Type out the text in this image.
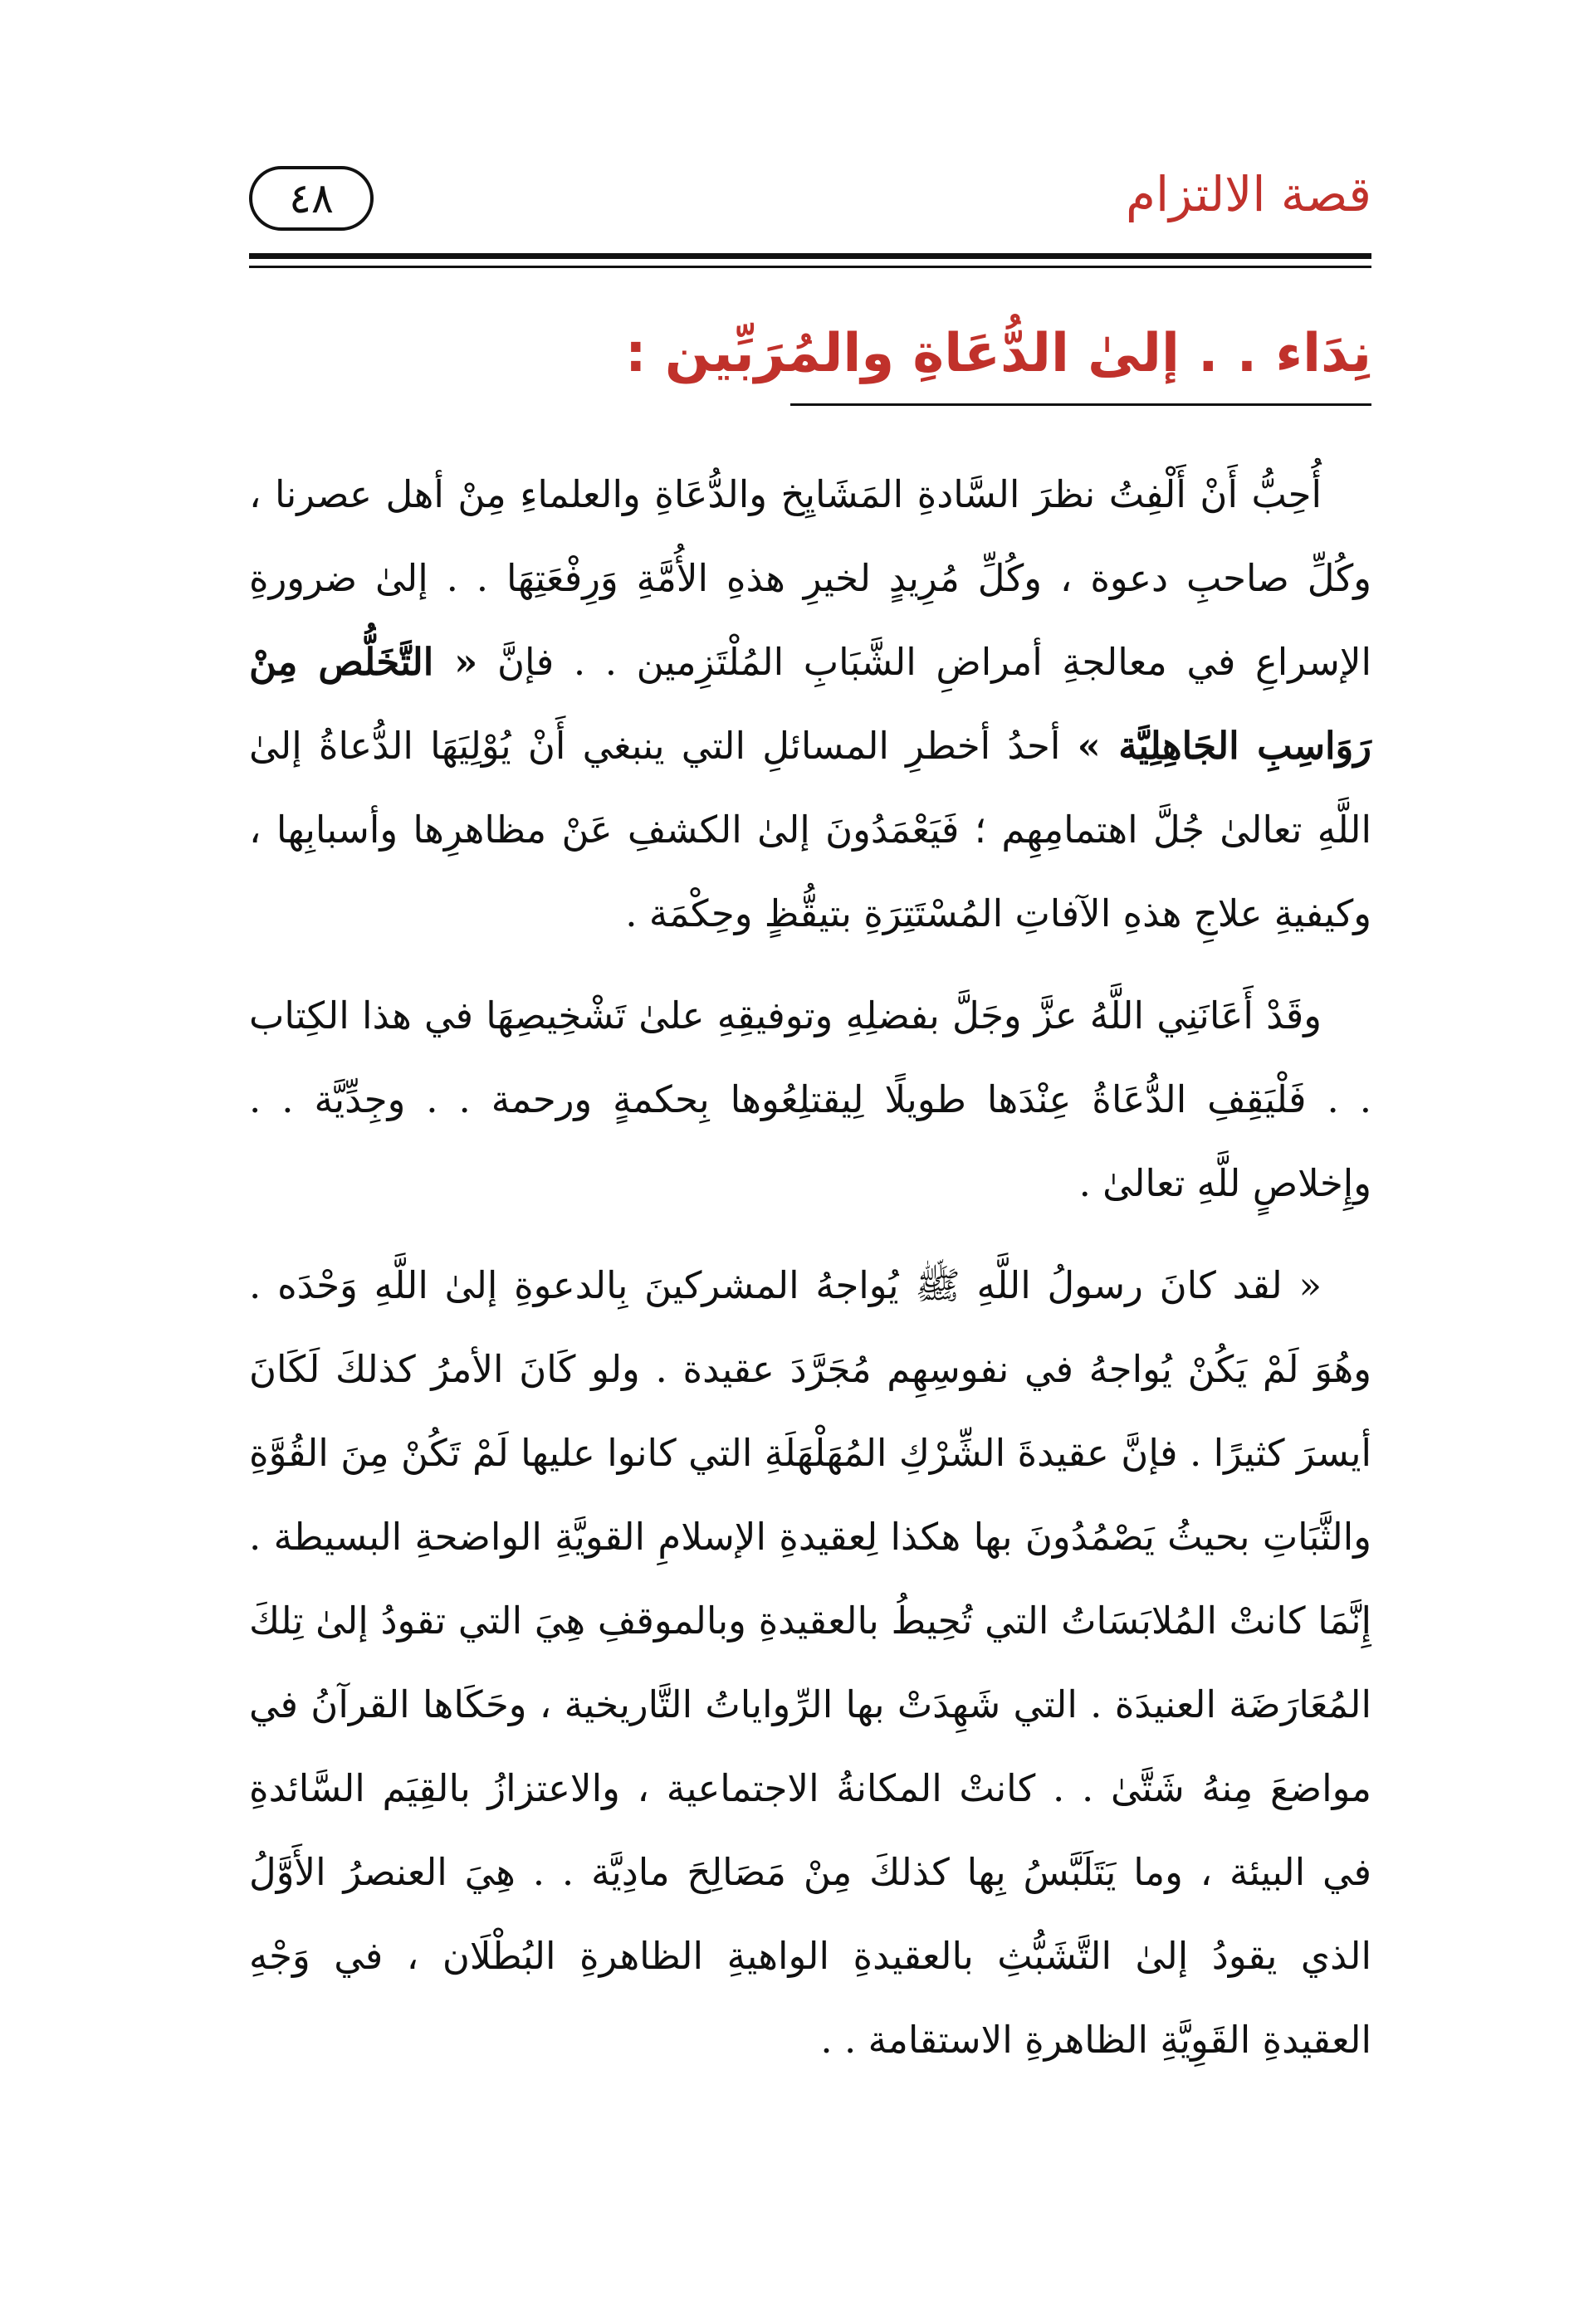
٤٨	قصة الالتزام
نِدَاء . . إلىٰ الدُّعَاةِ والمُرَبِّين :

أُحِبُّ أَنْ أَلْفِتُ نظرَ السَّادةِ المَشَايِخ والدُّعَاةِ والعلماءِ مِنْ أهل عصرنا ، وكُلِّ صاحبِ دعوة ، وكُلِّ مُرِيدٍ لخيرِ هذهِ الأُمَّةِ وَرِفْعَتِهَا . . إلىٰ ضرورةِ الإسراعِ في معالجةِ أمراضِ الشَّبَابِ المُلْتَزِمين . . فإنَّ « التَّخَلُّص مِنْ رَوَاسِبِ الجَاهِلِيَّة » أحدُ أخطرِ المسائلِ التي ينبغي أَنْ يُوْلِيَهَا الدُّعاةُ إلىٰ اللَّهِ تعالىٰ جُلَّ اهتمامِهِم ؛ فَيَعْمَدُونَ إلىٰ الكشفِ عَنْ مظاهرِها وأسبابِها ، وكيفيةِ علاجِ هذهِ الآفاتِ المُسْتَتِرَةِ بتيقُّظٍ وحِكْمَة .

وقَدْ أَعَانَنِي اللَّهُ عزَّ وجَلَّ بفضلِهِ وتوفيقِهِ علىٰ تَشْخِيصِهَا في هذا الكِتاب . . فَلْيَقِفِ الدُّعَاةُ عِنْدَها طويلًا لِيقتلِعُوها بِحكمةٍ ورحمة . . وجِدِّيَّة . . وإِخلاصٍ للَّهِ تعالىٰ .

« لقد كانَ رسولُ اللَّهِ ﷺ يُواجهُ المشركينَ بِالدعوةِ إلىٰ اللَّهِ وَحْدَه . وهُوَ لَمْ يَكُنْ يُواجهُ في نفوسِهِم مُجَرَّدَ عقيدة . ولو كَانَ الأمرُ كذلكَ لَكَانَ أيسرَ كثيرًا . فإنَّ عقيدةَ الشِّرْكِ المُهَلْهَلَةِ التي كانوا عليها لَمْ تَكُنْ مِنَ القُوَّةِ والثَّبَاتِ بحيثُ يَصْمُدُونَ بها هكذا لِعقيدةِ الإسلامِ القويَّةِ الواضحةِ البسيطة . إِنَّمَا كانتْ المُلابَسَاتُ التي تُحِيطُ بالعقيدةِ وبالموقفِ هِيَ التي تقودُ إلىٰ تِلكَ المُعَارَضَة العنيدَة . التي شَهِدَتْ بها الرِّواياتُ التَّاريخية ، وحَكَاها القرآنُ في مواضعَ مِنهُ شَتَّىٰ . . كانتْ المكانةُ الاجتماعية ، والاعتزازُ بالقِيَم السَّائدةِ في البيئة ، وما يَتَلَبَّسُ بِها كذلكَ مِنْ مَصَالِحَ مادِيَّة . . هِيَ العنصرُ الأَوَّلُ الذي يقودُ إلىٰ التَّشَبُّثِ بالعقيدةِ الواهيةِ الظاهرةِ البُطْلَان ، في وَجْهِ العقيدةِ القَوِيَّةِ الظاهرةِ الاستقامة . .
